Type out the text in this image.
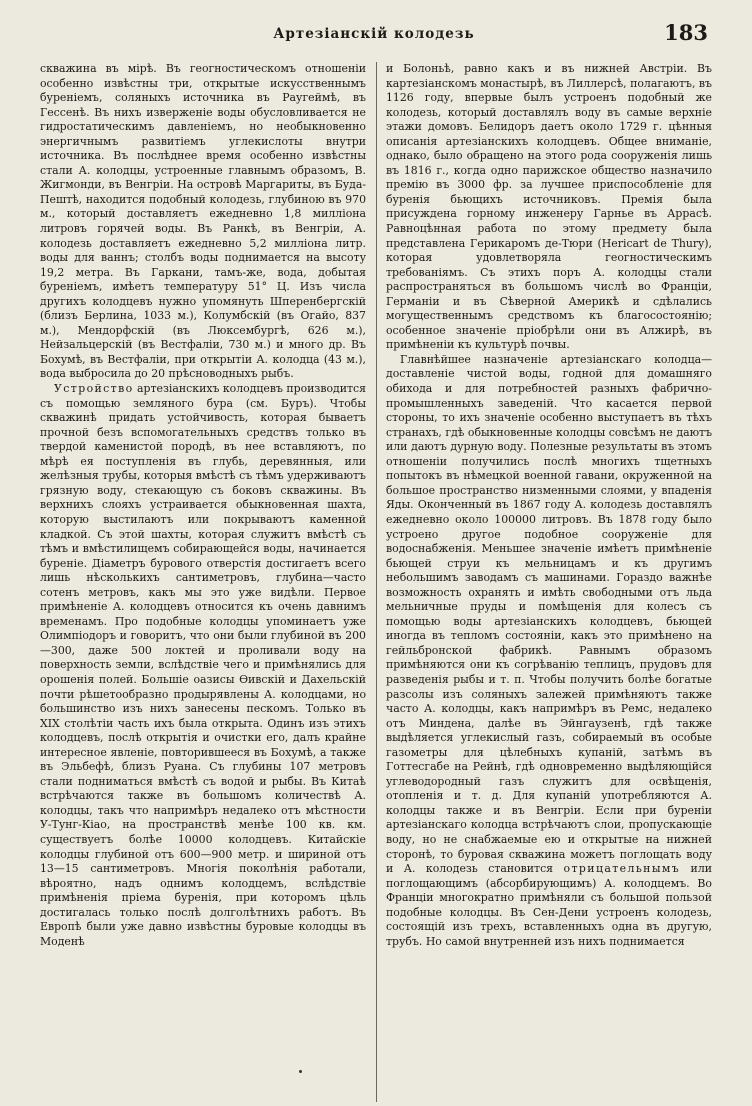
Артезіанскій колодезь	183

скважина въ мірѣ. Въ геогностическомъ отношеніи особенно извѣстны три, открытые искусственнымъ буреніемъ, соляныхъ источника въ Раугеймѣ, въ Гессенѣ. Въ нихъ изверженіе воды обусловливается не гидростатическимъ давленіемъ, но необыкновенно энергичнымъ развитіемъ углекислоты внутри источника. Въ послѣднее время особенно извѣстны стали А. колодцы, устроенные главнымъ образомъ, В. Жигмонди, въ Венгріи. На островѣ Маргариты, въ Буда-Пештѣ, находится подобный колодезь, глубиною въ 970 м., который доставляетъ ежедневно 1,8 милліона литровъ горячей воды. Въ Ранкѣ, въ Венгріи, А. колодезь доставляетъ ежедневно 5,2 милліона литр. воды для ваннъ; столбъ воды поднимается на высоту 19,2 метра. Въ Гаркани, тамъ-же, вода, добытая буреніемъ, имѣетъ температуру 51° Ц. Изъ числа другихъ колодцевъ нужно упомянуть Шперенбергскій (близъ Берлина, 1033 м.), Колумбскій (въ Огайо, 837 м.), Мендорфскій (въ Люксембургѣ, 626 м.), Нейзальцерскій (въ Вестфаліи, 730 м.) и много др. Въ Бохумѣ, въ Вестфаліи, при открытіи А. колодца (43 м.), вода выбросила до 20 прѣсноводныхъ рыбъ.

Устройство артезіанскихъ колодцевъ производится съ помощью земляного бура (см. Буръ). Чтобы скважинѣ придать устойчивость, которая бываетъ прочной безъ вспомогательныхъ средствъ только въ твердой каменистой породѣ, въ нее вставляютъ, по мѣрѣ ея поступленія въ глубь, деревянныя, или желѣзныя трубы, которыя вмѣстѣ съ тѣмъ удерживаютъ грязную воду, стекающую съ боковъ скважины. Въ верхнихъ слояхъ устраивается обыкновенная шахта, которую выстилаютъ или покрываютъ каменной кладкой. Съ этой шахты, которая служитъ вмѣстѣ съ тѣмъ и вмѣстилищемъ собирающейся воды, начинается буреніе. Діаметръ бурового отверстія достигаетъ всего лишь нѣсколькихъ сантиметровъ, глубина—часто сотенъ метровъ, какъ мы это уже видѣли. Первое примѣненіе А. колодцевъ относится къ очень давнимъ временамъ. Про подобные колодцы упоминаетъ уже Олимпіодоръ и говоритъ, что они были глубиной въ 200—300, даже 500 локтей и проливали воду на поверхность земли, вслѣдствіе чего и примѣнялись для орошенія полей. Большіе оазисы Ѳивскій и Дахельскій почти рѣшетообразно продырявлены А. колодцами, но большинство изъ нихъ занесены пескомъ. Только въ XIX столѣтіи часть ихъ была открыта. Одинъ изъ этихъ колодцевъ, послѣ открытія и очистки его, далъ крайне интересное явленіе, повторившееся въ Бохумѣ, а также въ Эльбефѣ, близъ Руана. Съ глубины 107 метровъ стали подниматься вмѣстѣ съ водой и рыбы. Въ Китаѣ встрѣчаются также въ большомъ количествѣ А. колодцы, такъ что напримѣръ недалеко отъ мѣстности У-Тунг-Кіао, на пространствѣ менѣе 100 кв. км. существуетъ болѣе 10000 колодцевъ. Китайскіе колодцы глубиной отъ 600—900 метр. и шириной отъ 13—15 сантиметровъ. Многія поколѣнія работали, вѣроятно, надъ однимъ колодцемъ, вслѣдствіе примѣненія пріема буренія, при которомъ цѣль достигалась только послѣ долголѣтнихъ работъ. Въ Европѣ были уже давно извѣстны буровые колодцы въ Моденѣ

и Болоньѣ, равно какъ и въ нижней Австріи. Въ картезіанскомъ монастырѣ, въ Лиллерсѣ, полагаютъ, въ 1126 году, впервые былъ устроенъ подобный же колодезь, который доставлялъ воду въ самые верхніе этажи домовъ. Белидоръ даетъ около 1729 г. цѣнныя описанія артезіанскихъ колодцевъ. Общее вниманіе, однако, было обращено на этого рода сооруженія лишь въ 1816 г., когда одно парижское общество назначило премію въ 3000 фр. за лучшее приспособленіе для буренія бьющихъ источниковъ. Премія была присуждена горному инженеру Гарнье въ Аррасѣ. Равноцѣнная работа по этому предмету была представлена Герикаромъ де-Тюри (Hericart de Thury), которая удовлетворяла геогностическимъ требованіямъ. Съ этихъ поръ А. колодцы стали распространяться въ большомъ числѣ во Франціи, Германіи и въ Сѣверной Америкѣ и сдѣлались могущественнымъ средствомъ къ благосостоянію; особенное значеніе пріобрѣли они въ Алжирѣ, въ примѣненіи къ культурѣ почвы.

Главнѣйшее назначеніе артезіанскаго колодца—доставленіе чистой воды, годной для домашняго обихода и для потребностей разныхъ фабрично-промышленныхъ заведеній. Что касается первой стороны, то ихъ значеніе особенно выступаетъ въ тѣхъ странахъ, гдѣ обыкновенные колодцы совсѣмъ не даютъ или даютъ дурную воду. Полезные результаты въ этомъ отношеніи получились послѣ многихъ тщетныхъ попытокъ въ нѣмецкой военной гавани, окруженной на большое пространство низменными слоями, у впаденія Яды. Оконченный въ 1867 году А. колодезь доставлялъ ежедневно около 100000 литровъ. Въ 1878 году было устроено другое подобное сооруженіе для водоснабженія. Меньшее значеніе имѣетъ примѣненіе бьющей струи къ мельницамъ и къ другимъ небольшимъ заводамъ съ машинами. Гораздо важнѣе возможность охранять и имѣть свободными отъ льда мельничные пруды и помѣщенія для колесъ съ помощью воды артезіанскихъ колодцевъ, бьющей иногда въ тепломъ состояніи, какъ это примѣнено на гейльбронской фабрикѣ. Равнымъ образомъ примѣняются они къ согрѣванію теплицъ, прудовъ для разведенія рыбы и т. п. Чтобы получить болѣе богатые разсолы изъ соляныхъ залежей примѣняютъ также часто А. колодцы, какъ напримѣръ въ Ремс, недалеко отъ Миндена, далѣе въ Эйнгаузенѣ, гдѣ также выдѣляется углекислый газъ, собираемый въ особые газометры для цѣлебныхъ купаній, затѣмъ въ Готтесгабе на Рейнѣ, гдѣ одновременно выдѣляющійся углеводородный газъ служитъ для освѣщенія, отопленія и т. д. Для купаній употребляются А. колодцы также и въ Венгріи. Если при буреніи артезіанскаго колодца встрѣчаютъ слои, пропускающіе воду, но не снабжаемые ею и открытые на нижней сторонѣ, то буровая скважина можетъ поглощать воду и А. колодезь становится отрицательнымъ или поглощающимъ (абсорбирующимъ) А. колодцемъ. Во Франціи многократно примѣняли съ большой пользой подобные колодцы. Въ Сен-Дени устроенъ колодезь, состоящій изъ трехъ, вставленныхъ одна въ другую, трубъ. Но самой внутренней изъ нихъ поднимается
